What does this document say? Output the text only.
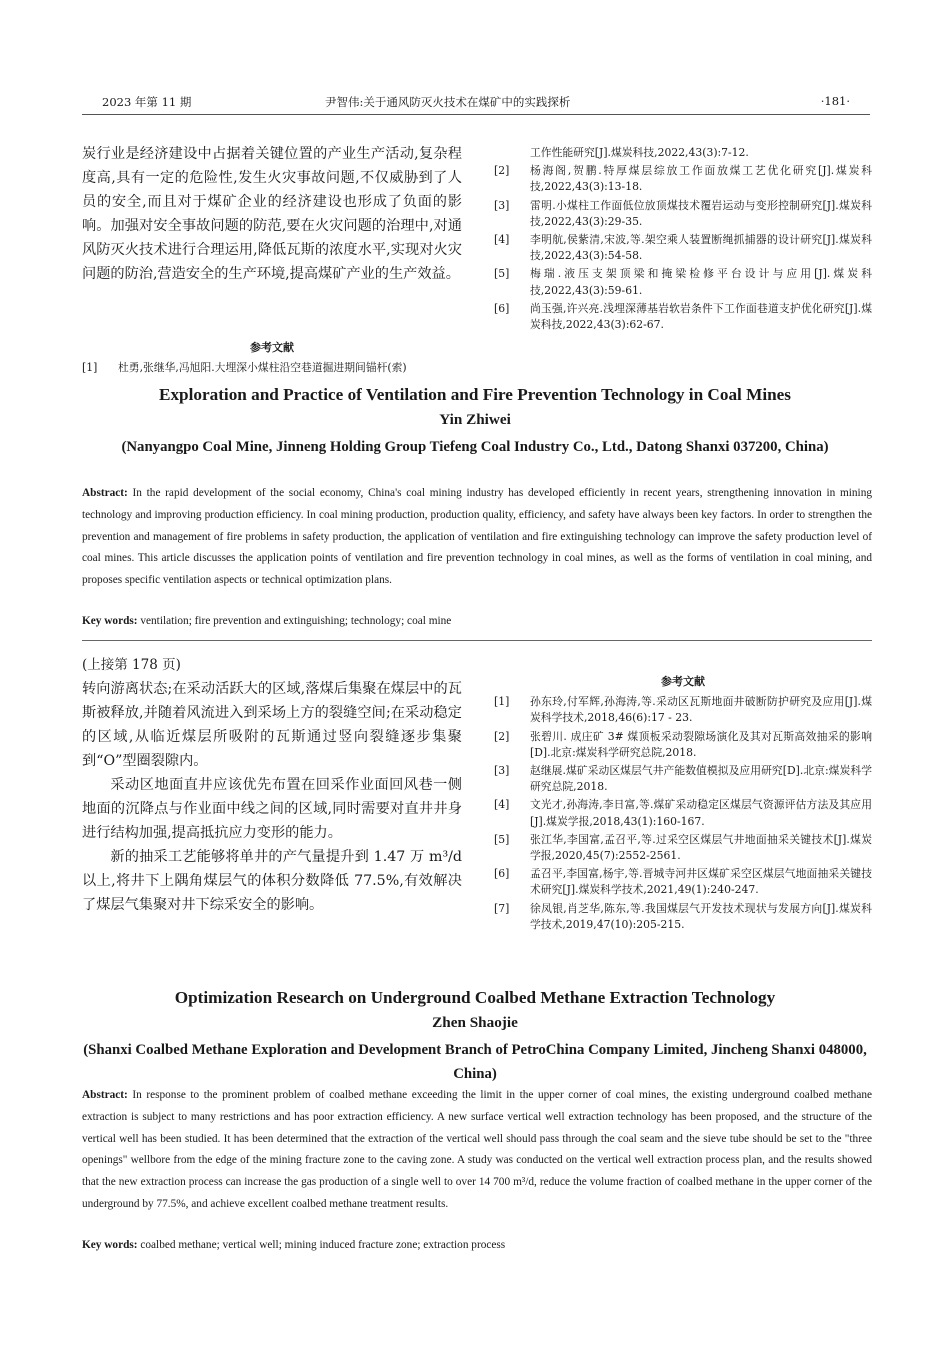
2023 年第 11 期	尹智伟:关于通风防灭火技术在煤矿中的实践探析	·181·

炭行业是经济建设中占据着关键位置的产业生产活动,复杂程度高,具有一定的危险性,发生火灾事故问题,不仅威胁到了人员的安全,而且对于煤矿企业的经济建设也形成了负面的影响。加强对安全事故问题的防范,要在火灾问题的治理中,对通风防灭火技术进行合理运用,降低瓦斯的浓度水平,实现对火灾问题的防治,营造安全的生产环境,提高煤矿产业的生产效益。

参考文献
[1] 杜勇,张继华,冯旭阳.大埋深小煤柱沿空巷道掘进期间锚杆(索)
工作性能研究[J].煤炭科技,2022,43(3):7-12.
[2] 杨海阁,贺鹏.特厚煤层综放工作面放煤工艺优化研究[J].煤炭科技,2022,43(3):13-18.
[3] 雷明.小煤柱工作面低位放顶煤技术覆岩运动与变形控制研究[J].煤炭科技,2022,43(3):29-35.
[4] 李明航,侯紫清,宋波,等.架空乘人装置断绳抓捕器的设计研究[J].煤炭科技,2022,43(3):54-58.
[5] 梅瑞.液压支架顶梁和掩梁检修平台设计与应用[J].煤炭科技,2022,43(3):59-61.
[6] 尚玉强,许兴亮.浅埋深薄基岩软岩条件下工作面巷道支护优化研究[J].煤炭科技,2022,43(3):62-67.
Exploration and Practice of Ventilation and Fire Prevention Technology in Coal Mines
Yin Zhiwei
(Nanyangpo Coal Mine, Jinneng Holding Group Tiefeng Coal Industry Co., Ltd., Datong Shanxi 037200, China)
Abstract: In the rapid development of the social economy, China's coal mining industry has developed efficiently in recent years, strengthening innovation in mining technology and improving production efficiency. In coal mining production, production quality, efficiency, and safety have always been key factors. In order to strengthen the prevention and management of fire problems in safety production, the application of ventilation and fire extinguishing technology can improve the safety production level of coal mines. This article discusses the application points of ventilation and fire prevention technology in coal mines, as well as the forms of ventilation in coal mining, and proposes specific ventilation aspects or technical optimization plans.
Key words: ventilation; fire prevention and extinguishing; technology; coal mine
(上接第 178 页)

转向游离状态;在采动活跃大的区域,落煤后集聚在煤层中的瓦斯被释放,并随着风流进入到采场上方的裂缝空间;在采动稳定的区域,从临近煤层所吸附的瓦斯通过竖向裂缝逐步集聚到“O”型圈裂隙内。

采动区地面直井应该优先布置在回采作业面回风巷一侧地面的沉降点与作业面中线之间的区域,同时需要对直井井身进行结构加强,提高抵抗应力变形的能力。

新的抽采工艺能够将单井的产气量提升到 1.47 万 m³/d 以上,将井下上隅角煤层气的体积分数降低 77.5%,有效解决了煤层气集聚对井下综采安全的影响。

参考文献
[1] 孙东玲,付军辉,孙海涛,等.采动区瓦斯地面井破断防护研究及应用[J].煤炭科学技术,2018,46(6):17 - 23.
[2] 张碧川. 成庄矿 3# 煤顶板采动裂隙场演化及其对瓦斯高效抽采的影响[D].北京:煤炭科学研究总院,2018.
[3] 赵继展.煤矿采动区煤层气井产能数值模拟及应用研究[D].北京:煤炭科学研究总院,2018.
[4] 文光才,孙海涛,李日富,等.煤矿采动稳定区煤层气资源评估方法及其应用[J].煤炭学报,2018,43(1):160-167.
[5] 张江华,李国富,孟召平,等.过采空区煤层气井地面抽采关键技术[J].煤炭学报,2020,45(7):2552-2561.
[6] 孟召平,李国富,杨宇,等.晋城寺河井区煤矿采空区煤层气地面抽采关键技术研究[J].煤炭科学技术,2021,49(1):240-247.
[7] 徐凤银,肖芝华,陈东,等.我国煤层气开发技术现状与发展方向[J].煤炭科学技术,2019,47(10):205-215.
Optimization Research on Underground Coalbed Methane Extraction Technology
Zhen Shaojie
(Shanxi Coalbed Methane Exploration and Development Branch of PetroChina Company Limited, Jincheng Shanxi 048000, China)
Abstract: In response to the prominent problem of coalbed methane exceeding the limit in the upper corner of coal mines, the existing underground coalbed methane extraction is subject to many restrictions and has poor extraction efficiency. A new surface vertical well extraction technology has been proposed, and the structure of the vertical well has been studied. It has been determined that the extraction of the vertical well should pass through the coal seam and the sieve tube should be set to the "three openings" wellbore from the edge of the mining fracture zone to the caving zone. A study was conducted on the vertical well extraction process plan, and the results showed that the new extraction process can increase the gas production of a single well to over 14 700 m³/d, reduce the volume fraction of coalbed methane in the upper corner of the underground by 77.5%, and achieve excellent coalbed methane treatment results.
Key words: coalbed methane; vertical well; mining induced fracture zone; extraction process
